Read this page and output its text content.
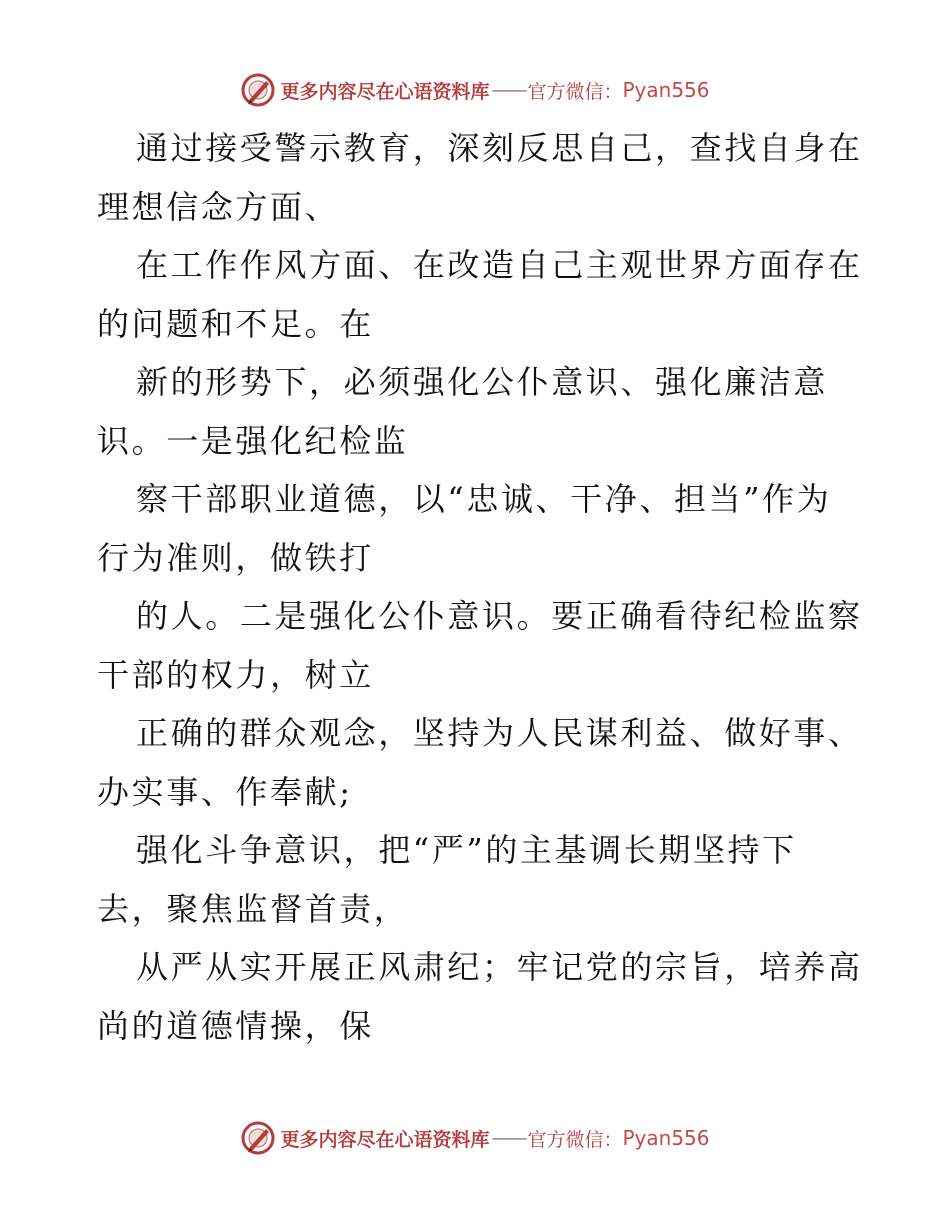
更多内容尽在心语资料库 —— 官方微信： Pyan556
通过接受警示教育，深刻反思自己，查找自身在
理想信念方面、
在工作作风方面、在改造自己主观世界方面存在
的问题和不足。在
新的形势下，必须强化公仆意识、强化廉洁意
识。一是强化纪检监
察干部职业道德，以“忠诚、干净、担当”作为
行为准则，做铁打
的人。二是强化公仆意识。要正确看待纪检监察
干部的权力，树立
正确的群众观念，坚持为人民谋利益、做好事、
办实事、作奉献;
强化斗争意识，把“严”的主基调长期坚持下
去，聚焦监督首责，
从严从实开展正风肃纪；牢记党的宗旨，培养高
尚的道德情操，保
更多内容尽在心语资料库 —— 官方微信： Pyan556
